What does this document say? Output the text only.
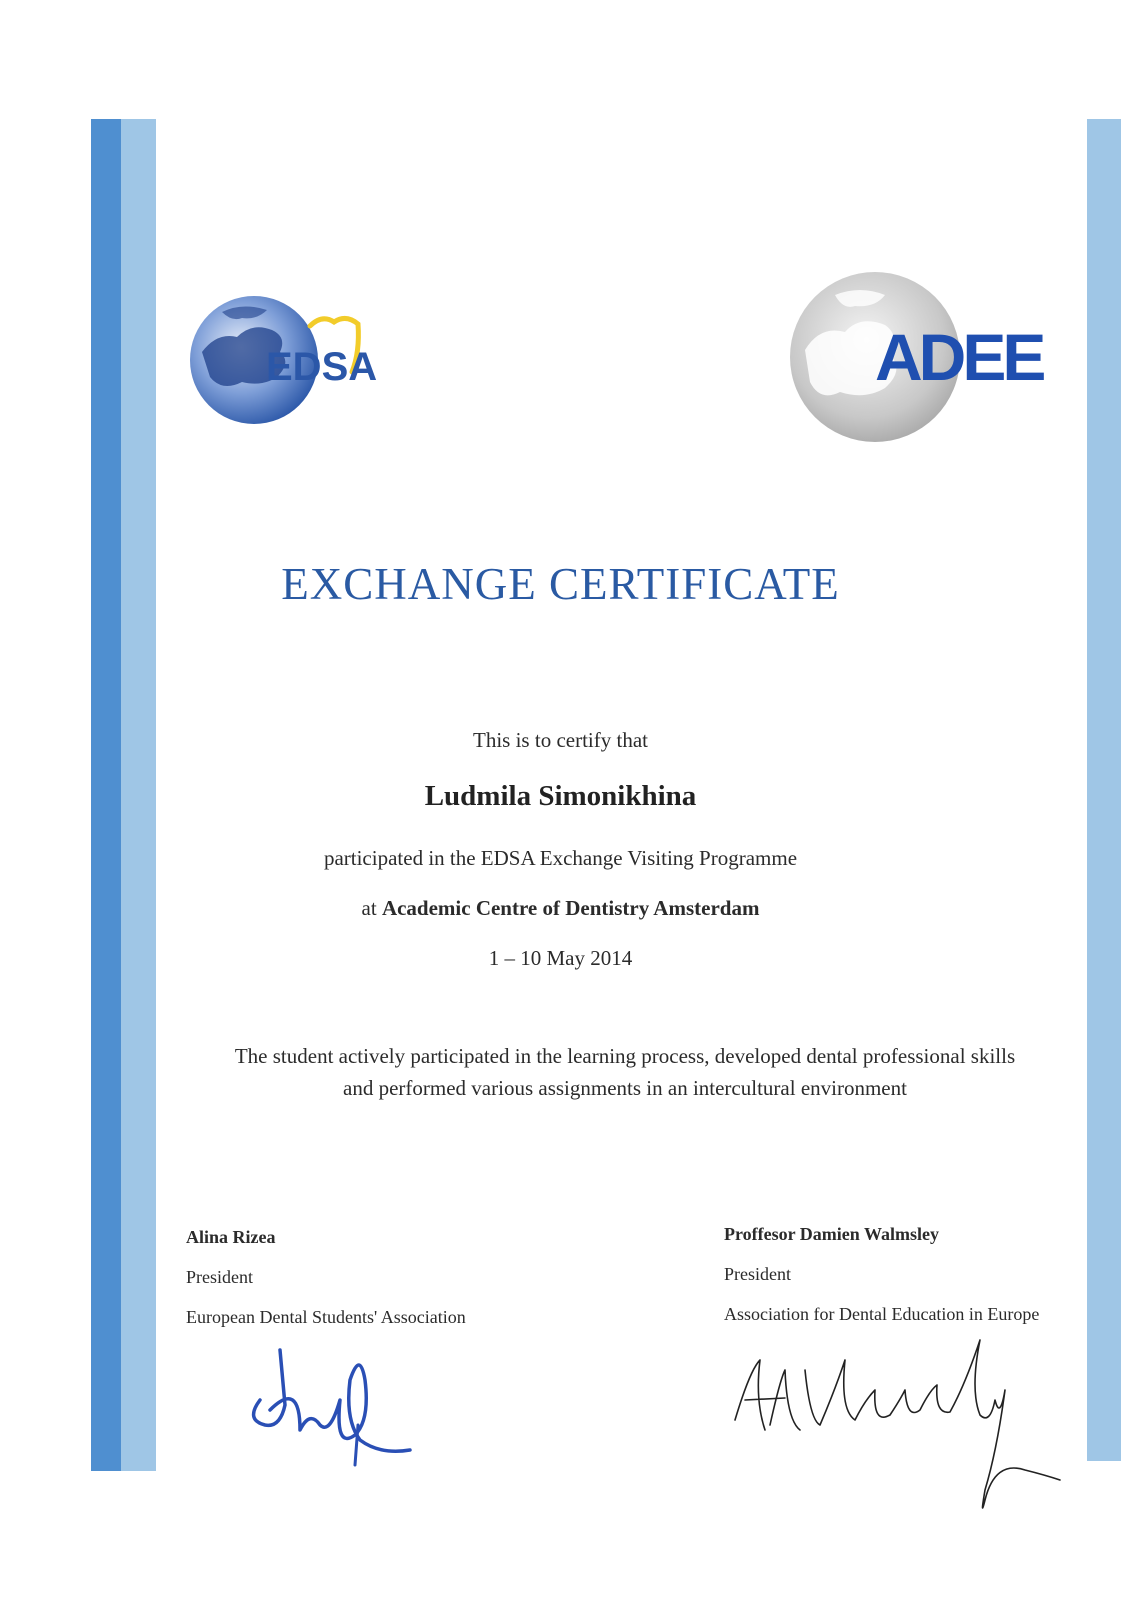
EDSA	ADEE
EXCHANGE CERTIFICATE

This is to certify that

Ludmila Simonikhina

participated in the EDSA Exchange Visiting Programme

at Academic Centre of Dentistry Amsterdam

1 – 10 May 2014

The student actively participated in the learning process, developed dental professional skills
and performed various assignments in an intercultural environment

Alina Rizea
President
European Dental Students' Association
Proffesor Damien Walmsley
President
Association for Dental Education in Europe
